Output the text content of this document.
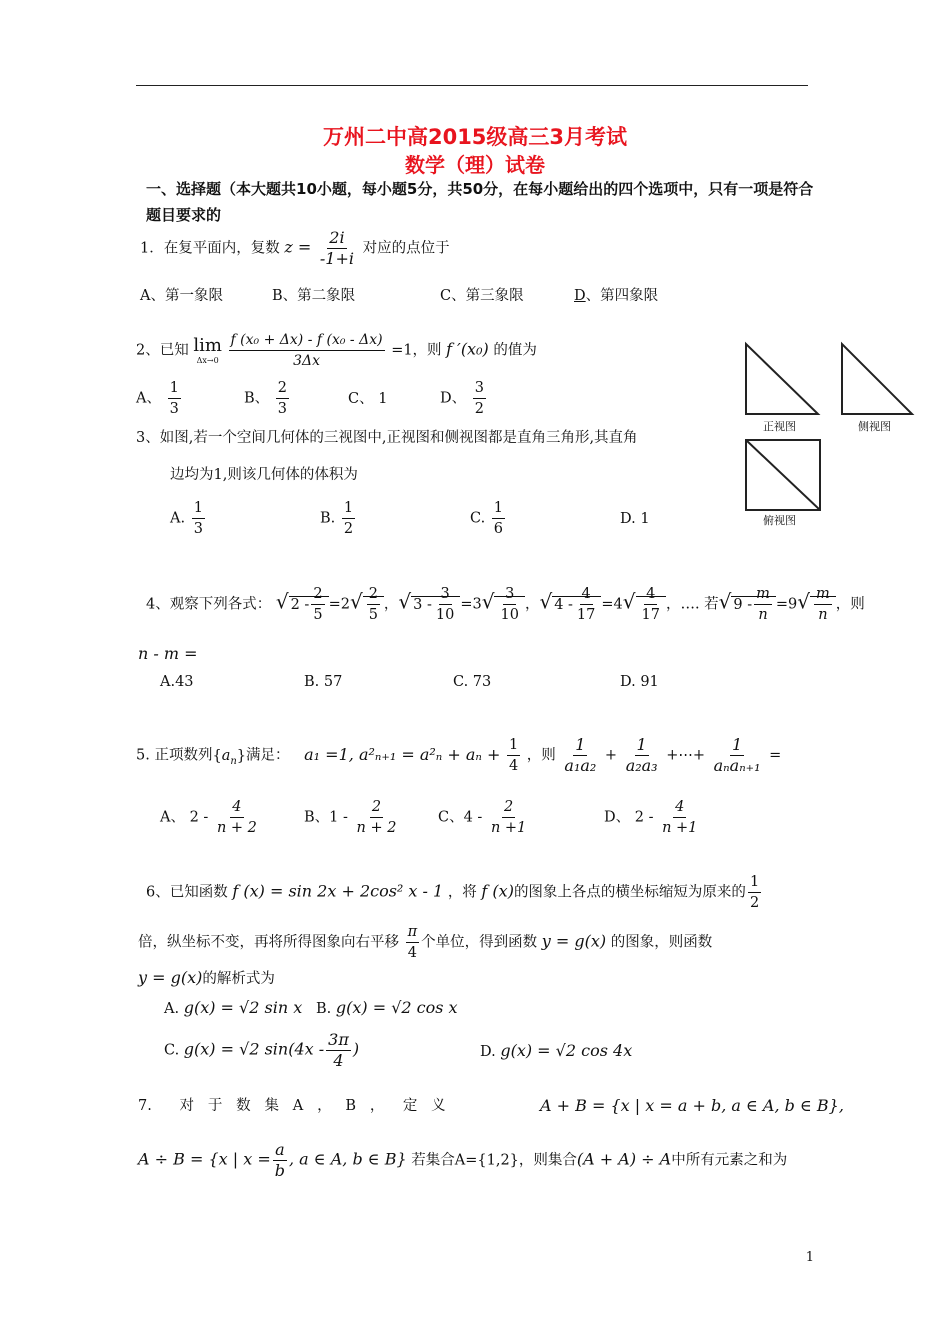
万州二中高2015级高三3月考试
数学（理）试卷
一、选择题（本大题共10小题，每小题5分，共50分，在每小题给出的四个选项中，只有一项是符合题目要求的
1．在复平面内，复数 $z = \frac{2i}{-1+i}$ 对应的点位于
A、第一象限	B、第二象限	C、第三象限	D、第四象限
2、已知 lim
Δx→0
$\frac{\text{f (x₀ + Δx) - f (x₀ - Δx)}}{3\Delta x} =1$，则 f ′(x₀) 的值为
A、 $\frac{1}{3}$	B、 $\frac{2}{3}$	C、 1	D、 $\frac{3}{2}$
正视图	侧视图
俯视图
3、如图,若一个空间几何体的三视图中,正视图和侧视图都是直角三角形,其直角
边均为1,则该几何体的体积为
A. $\frac{1}{3}$	B. $\frac{1}{2}$	C. $\frac{1}{6}$	D. 1
4、观察下列各式： √ $2 - \frac{2}{5} =2√ \frac{2}{5}$ ，√ $3 - \frac{3}{10} =3√ \frac{3}{10}$ ，√ $4 - \frac{4}{17} =4√ \frac{4}{17}$ ，…. 若√ $9 - \frac{m}{n} =9√ \frac{m}{n}$ ，则
n - m =
A.43	B. 57	C. 73	D. 91
5. 正项数列$\{a_n\}$满足： a₁ =1, $a^2_{n+1} = a^2_n + a_n + \frac{1}{4}$ ，则 $\frac{1}{\text{a₁a₂}} + \frac{1}{\text{a₂a₃}}$ +⋯+ $\frac{1}{\text{aₙaₙ₊₁}}$ =
A、 $2 - \frac{4}{n + 2}$	B、$1 - \frac{2}{n + 2}$	C、$4 - \frac{2}{n +1}$	D、 $2 - \frac{4}{n +1}$
6、已知函数 f (x) = sin 2x + 2cos² x - 1 ，将 f (x)的图象上各点的横坐标缩短为原来的 $\frac{1}{2}$
倍，纵坐标不变，再将所得图象向右平移 $\frac{\pi}{4}$ 个单位，得到函数 y = g(x) 的图象，则函数
y = g(x)的解析式为
A. g(x) = √2 sin x B. g(x) = √2 cos x
C. g(x) = √2 $\sin(4x - \frac{3\pi}{4}$ )	D. g(x) = √2 cos 4x
7.      对   于   数   集   A   ，   B   ，    定   义	A + B = {x | x = a + b, a ∈ A, b ∈ B},
A ÷ B = {x | $x = \frac{a}{b}$ , a ∈ A, b ∈ B} 若集合A={1,2}，则集合(A + A) ÷ A中所有元素之和为
1
